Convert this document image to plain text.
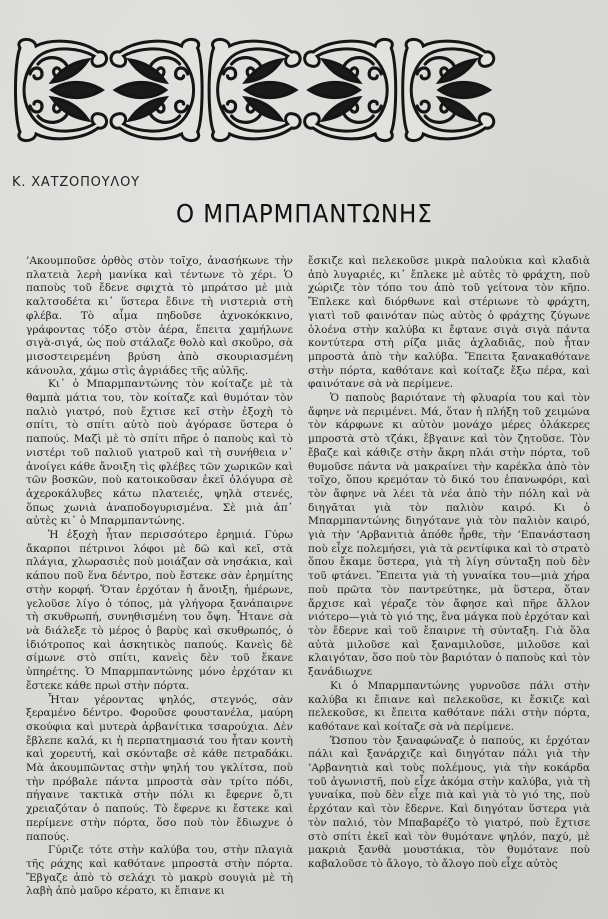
Κ. ΧΑΤΖΟΠΟΥΛΟΥ
Ο ΜΠΑΡΜΠΑΝΤΩΝΗΣ

’Ακουμποῦσε ὀρθὸς στὸν τοῖχο, ἀνασήκωνε τὴν πλατειὰ λερὴ μανίκα καὶ τέντωνε τὸ χέρι. Ὁ παποὺς τοῦ ἔδενε σφιχτὰ τὸ μπράτσο μὲ μιὰ καλτσοδέτα κι᾿ ὕστερα ἔδινε τὴ νιστεριὰ στὴ φλέβα. Τὸ αἷμα πηδοῦσε ἀχνοκόκκινο, γράφοντας τόξο στὸν ἀέρα, ἔπειτα χαμήλωνε σιγὰ-σιγά, ὡς ποὺ στάλαζε θολὸ καὶ σκοῦρο, σὰ μισοστειρεμένη βρύση ἀπὸ σκουριασμένη κάνουλα, χάμω στὶς ἀγριάδες τῆς αὐλῆς.

Κι᾿ ὁ Μπαρμπαντώνης τὸν κοίταζε μὲ τὰ θαμπὰ μάτια του, τὸν κοίταζε καὶ θυμόταν τὸν παλιὸ γιατρό, ποὺ ἔχτισε κεῖ στὴν ἐξοχὴ τὸ σπίτι, τὸ σπίτι αὐτὸ ποὺ ἀγόρασε ὕστερα ὁ παπούς. Μαζὶ μὲ τὸ σπίτι πῆρε ὁ παποὺς καὶ τὸ νιστέρι τοῦ παλιοῦ γιατροῦ καὶ τὴ συνήθεια ν᾿ ἀνοίγει κάθε ἄνοιξη τὶς φλέβες τῶν χωρικῶν καὶ τῶν βοσκῶν, ποὺ κατοικοῦσαν ἐκεῖ ὁλόγυρα σὲ ἀχεροκάλυβες κάτω πλατειές, ψηλὰ στενές, ὅπως χωνιὰ ἀναποδογυρισμένα. Σὲ μιὰ ἀπ᾿ αὐτὲς κι᾿ ὁ Μπαρμπαντώνης.

Ἡ ἐξοχὴ ἦταν περισσότερο ἐρημιά. Γύρω ἄκαρποι πέτρινοι λόφοι μὲ δῶ καὶ κεῖ, στὰ πλάγια, χλωρασιὲς ποὺ μοιάζαν σὰ νησάκια, καὶ κάπου ποῦ ἕνα δέντρο, ποὺ ἔστεκε σὰν ἐρημίτης στὴν κορφή. Ὅταν ἐρχόταν ἡ ἄνοιξη, ἡμέρωνε, γελοῦσε λίγο ὁ τόπος, μὰ γλήγορα ξανάπαιρνε τὴ σκυθρωπή, συνηθισμένη του ὄψη. Ἦτανε σὰ νὰ διάλεξε τὸ μέρος ὁ βαρὺς καὶ σκυθρωπός, ὁ ἰδιότροπος καὶ ἀσκητικὸς παπούς. Κανεὶς δὲ σίμωνε στὸ σπίτι, κανεὶς δὲν τοῦ ἔκανε ὑπηρέτης. Ὁ Μπαρμπαντώνης μόνο ἐρχόταν κι ἔστεκε κάθε πρωὶ στὴν πόρτα.

Ἦταν γέροντας ψηλός, στεγνός, σὰν ξεραμένο δέντρο. Φοροῦσε φουστανέλα, μαύρη σκούφια καὶ μυτερὰ ἀρβανίτικα τσαρούχια. Δὲν ἔβλεπε καλά, κι ἡ περπατημασιά του ἦταν κοντὴ καὶ χορευτή, καὶ σκόνταβε σὲ κάθε πετραδάκι. Μὰ ἀκουμπῶντας στὴν ψηλή του γκλίτσα, ποὺ τὴν πρόβαλε πάντα μπροστὰ σὰν τρίτο πόδι, πήγαινε τακτικὰ στὴν πόλι κι ἔφερνε ὅ,τι χρειαζόταν ὁ παπούς. Τὸ ἔφερνε κι ἔστεκε καὶ περίμενε στὴν πόρτα, ὅσο ποὺ τὸν ἔδιωχνε ὁ παπούς.

Γύριζε τότε στὴν καλύβα του, στὴν πλαγιὰ τῆς ράχης καὶ καθότανε μπροστὰ στὴν πόρτα. Ἔβγαζε ἀπὸ τὸ σελάχι τὸ μακρὺ σουγιὰ μὲ τὴ λαβὴ ἀπὸ μαῦρο κέρατο, κι ἔπιανε κι

ἔσκιζε καὶ πελεκοῦσε μικρὰ παλούκια καὶ κλαδιὰ ἀπὸ λυγαριές, κι᾿ ἔπλεκε μὲ αὐτὲς τὸ φράχτη, ποὺ χώριζε τὸν τόπο του ἀπὸ τοῦ γείτονα τὸν κῆπο. Ἔπλεκε καὶ διόρθωνε καὶ στέριωνε τὸ φράχτη, γιατὶ τοῦ φαινόταν πὼς αὐτὸς ὁ φράχτης ζύγωνε ὁλοένα στὴν καλύβα κι ἔφτανε σιγὰ σιγὰ πάντα κοντύτερα στὴ ρίζα μιᾶς ἀχλαδιᾶς, ποὺ ἦταν μπροστὰ ἀπὸ τὴν καλύβα. Ἔπειτα ξανακαθότανε στὴν πόρτα, καθότανε καὶ κοίταζε ἔξω πέρα, καὶ φαινότανε σὰ νὰ περίμενε.

Ὁ παποὺς βαριότανε τὴ φλυαρία του καὶ τὸν ἄφηνε νὰ περιμένει. Μά, ὅταν ἡ πλήξη τοῦ χειμώνα τὸν κάρφωνε κι αὐτὸν μονάχο μέρες ὁλάκερες μπροστὰ στὸ τζάκι, ἔβγαινε καὶ τὸν ζητοῦσε. Τὸν ἔβαζε καὶ κάθιζε στὴν ἄκρη πλάι στὴν πόρτα, τοῦ θυμοῦσε πάντα νὰ μακραίνει τὴν καρέκλα ἀπὸ τὸν τοῖχο, ὅπου κρεμόταν τὸ δικό του ἐπανωφόρι, καὶ τὸν ἄφηνε νὰ λέει τὰ νέα ἀπὸ τὴν πόλη καὶ νὰ διηγᾶται γιὰ τὸν παλιὸν καιρό. Κι ὁ Μπαρμπαντώνης διηγότανε γιὰ τὸν παλιὸν καιρό, γιὰ τὴν ’Αρβανιτιὰ ἀπόθε ἦρθε, τὴν ’Επανάσταση ποὺ εἶχε πολεμήσει, γιὰ τὰ ρεντίφικα καὶ τὸ στρατὸ ὅπου ἔκαμε ὕστερα, γιὰ τὴ λίγη σύνταξη ποὺ δὲν τοῦ φτάνει. Ἔπειτα γιὰ τὴ γυναίκα του—μιὰ χήρα ποὺ πρῶτα τὸν παντρεύτηκε, μὰ ὕστερα, ὅταν ἄρχισε καὶ γέραζε τὸν ἄφησε καὶ πῆρε ἄλλον νιότερο—γιὰ τὸ γιό της, ἕνα μάγκα ποὺ ἐρχόταν καὶ τὸν ἔδερνε καὶ τοῦ ἔπαιρνε τὴ σύνταξη. Γιὰ ὅλα αὐτὰ μιλοῦσε καὶ ξαναμιλοῦσε, μιλοῦσε καὶ κλαιγόταν, ὅσο ποὺ τὸν βαριόταν ὁ παποὺς καὶ τὸν ξανάδιωχνε

Κι ὁ Μπαρμπαντώνης γυρνοῦσε πάλι στὴν καλύβα κι ἔπιανε καὶ πελεκοῦσε, κι ἔσκιζε καὶ πελεκοῦσε, κι ἔπειτα καθότανε πάλι στὴν πόρτα, καθότανε καὶ κοίταζε σὰ νὰ περίμενε.

Ὥσπου τὸν ξαναφώναζε ὁ παπούς, κι ἐρχόταν πάλι καὶ ξανάρχιζε καὶ διηγόταν πάλι γιὰ τὴν ’Αρβανητιὰ καὶ τοὺς πολέμους, γιὰ τὴν κοκάρδα τοῦ ἀγωνιστῆ, ποὺ εἶχε ἀκόμα στὴν καλύβα, γιὰ τὴ γυναίκα, ποὺ δὲν εἶχε πιὰ καὶ γιὰ τὸ γιό της, ποὺ ἐρχόταν καὶ τὸν ἔδερνε. Καὶ διηγόταν ὕστερα γιὰ τὸν παλιό, τὸν Μπαβαρέζο τὸ γιατρό, ποὺ ἔχτισε στὸ σπίτι ἐκεῖ καὶ τὸν θυμότανε ψηλόν, παχύ, μὲ μακριὰ ξανθὰ μουστάκια, τὸν θυμότανε ποὺ καβαλοῦσε τὸ ἄλογο, τὸ ἄλογο ποὺ εἶχε αὐτὸς
